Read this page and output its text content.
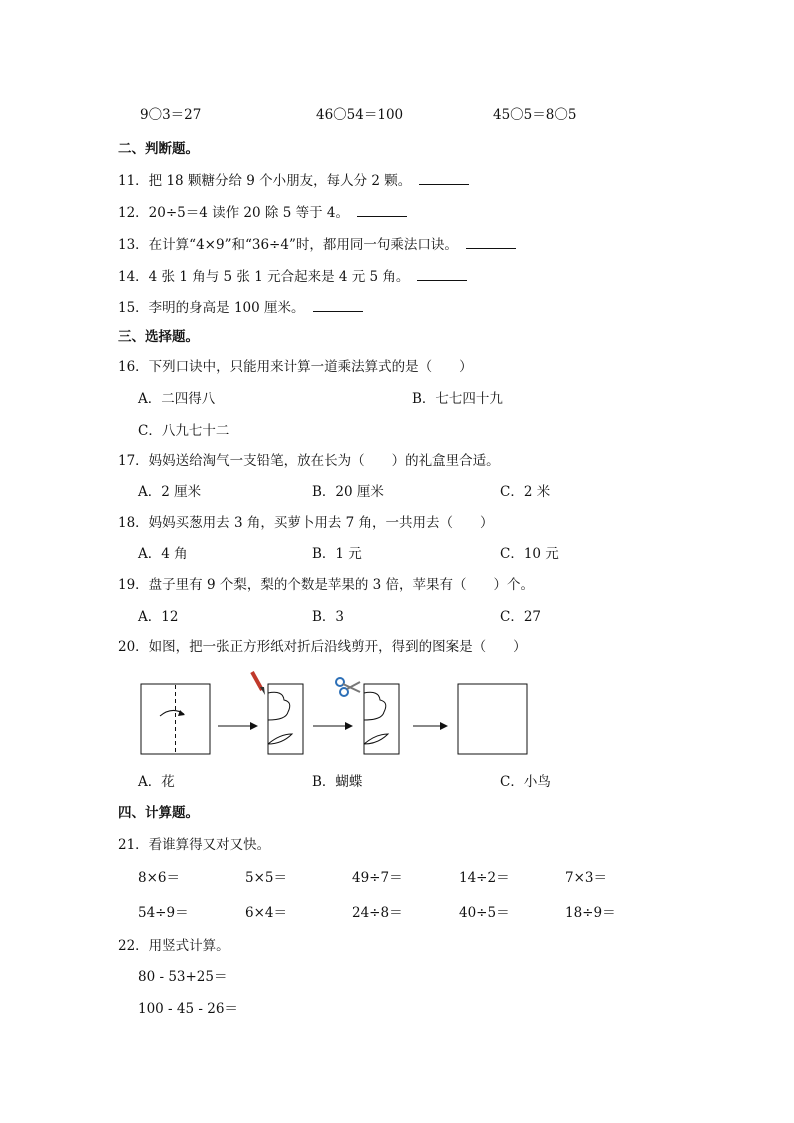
9〇3＝27	46〇54＝100	45〇5＝8〇5
二、判断题。
11．把 18 颗糖分给 9 个小朋友，每人分 2 颗。
12．20÷5＝4 读作 20 除 5 等于 4。
13．在计算“4×9”和“36÷4”时，都用同一句乘法口诀。
14．4 张 1 角与 5 张 1 元合起来是 4 元 5 角。
15．李明的身高是 100 厘米。
三、选择题。
16．下列口诀中，只能用来计算一道乘法算式的是（　　）
A．二四得八	B．七七四十九
C．八九七十二
17．妈妈送给淘气一支铅笔，放在长为（　　）的礼盒里合适。
A．2 厘米	B．20 厘米	C．2 米
18．妈妈买葱用去 3 角，买萝卜用去 7 角，一共用去（　　）
A．4 角	B．1 元	C．10 元
19．盘子里有 9 个梨，梨的个数是苹果的 3 倍，苹果有（　　）个。
A．12	B．3	C．27
20．如图，把一张正方形纸对折后沿线剪开，得到的图案是（　　）
A．花	B．蝴蝶	C．小鸟
四、计算题。
21．看谁算得又对又快。
8×6＝	5×5＝	49÷7＝	14÷2＝	7×3＝
54÷9＝	6×4＝	24÷8＝	40÷5＝	18÷9＝
22．用竖式计算。
80 - 53+25＝
100 - 45 - 26＝
